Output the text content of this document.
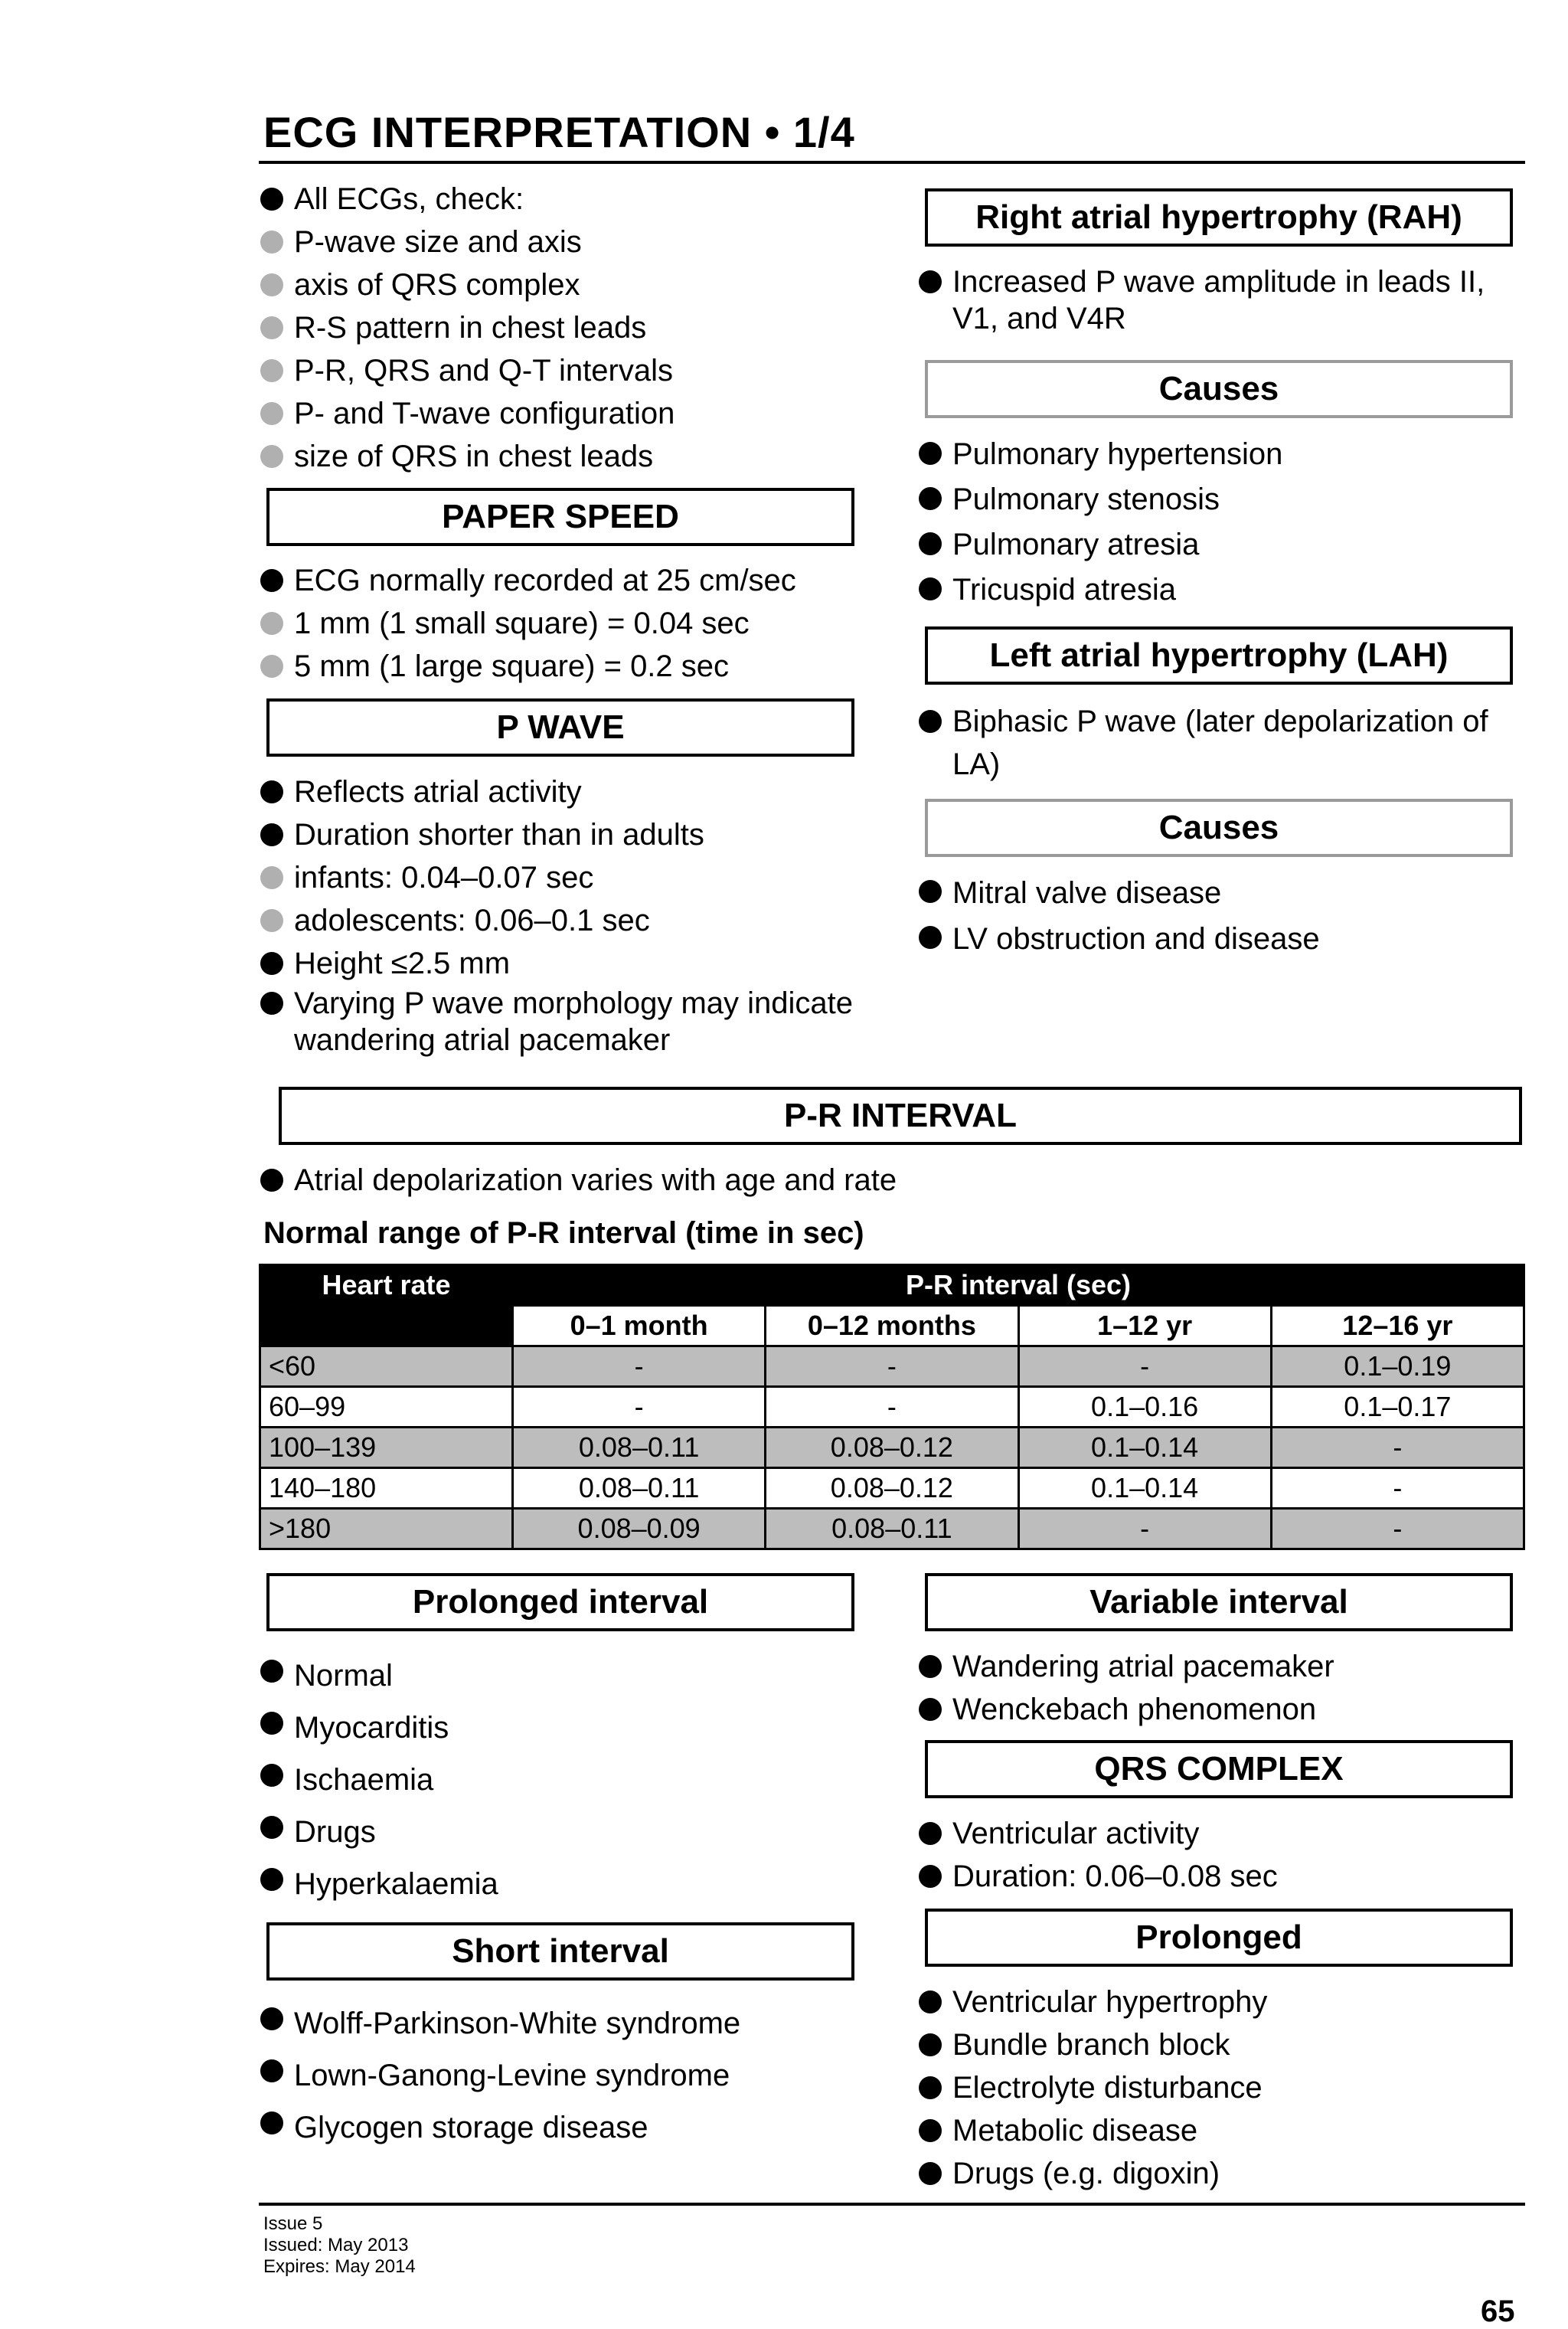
ECG INTERPRETATION • 1/4
All ECGs, check:
P-wave size and axis
axis of QRS complex
R-S pattern in chest leads
P-R, QRS and Q-T intervals
P- and T-wave configuration
size of QRS in chest leads
PAPER SPEED
ECG normally recorded at 25 cm/sec
1 mm (1 small square) = 0.04 sec
5 mm (1 large square) = 0.2 sec
P WAVE
Reflects atrial activity
Duration shorter than in adults
infants: 0.04–0.07 sec
adolescents: 0.06–0.1 sec
Height ≤2.5 mm
Varying P wave morphology may indicate wandering atrial pacemaker
Right atrial hypertrophy (RAH)
Increased P wave amplitude in leads II, V1, and V4R
Causes
Pulmonary hypertension
Pulmonary stenosis
Pulmonary atresia
Tricuspid atresia
Left atrial hypertrophy (LAH)
Biphasic P wave (later depolarization of LA)
Causes
Mitral valve disease
LV obstruction and disease
P-R INTERVAL
Atrial depolarization varies with age and rate
Normal range of P-R interval (time in sec)
Heart rate	P-R interval (sec)			
	0–1 month	0–12 months	1–12 yr	12–16 yr
<60	-	-	-	0.1–0.19
60–99	-	-	0.1–0.16	0.1–0.17
100–139	0.08–0.11	0.08–0.12	0.1–0.14	-
140–180	0.08–0.11	0.08–0.12	0.1–0.14	-
>180	0.08–0.09	0.08–0.11	-	-
Prolonged interval
Normal
Myocarditis
Ischaemia
Drugs
Hyperkalaemia
Short interval
Wolff-Parkinson-White syndrome
Lown-Ganong-Levine syndrome
Glycogen storage disease
Variable interval
Wandering atrial pacemaker
Wenckebach phenomenon
QRS COMPLEX
Ventricular activity
Duration: 0.06–0.08 sec
Prolonged
Ventricular hypertrophy
Bundle branch block
Electrolyte disturbance
Metabolic disease
Drugs (e.g. digoxin)
Issue 5
Issued: May 2013
Expires: May 2014
65
